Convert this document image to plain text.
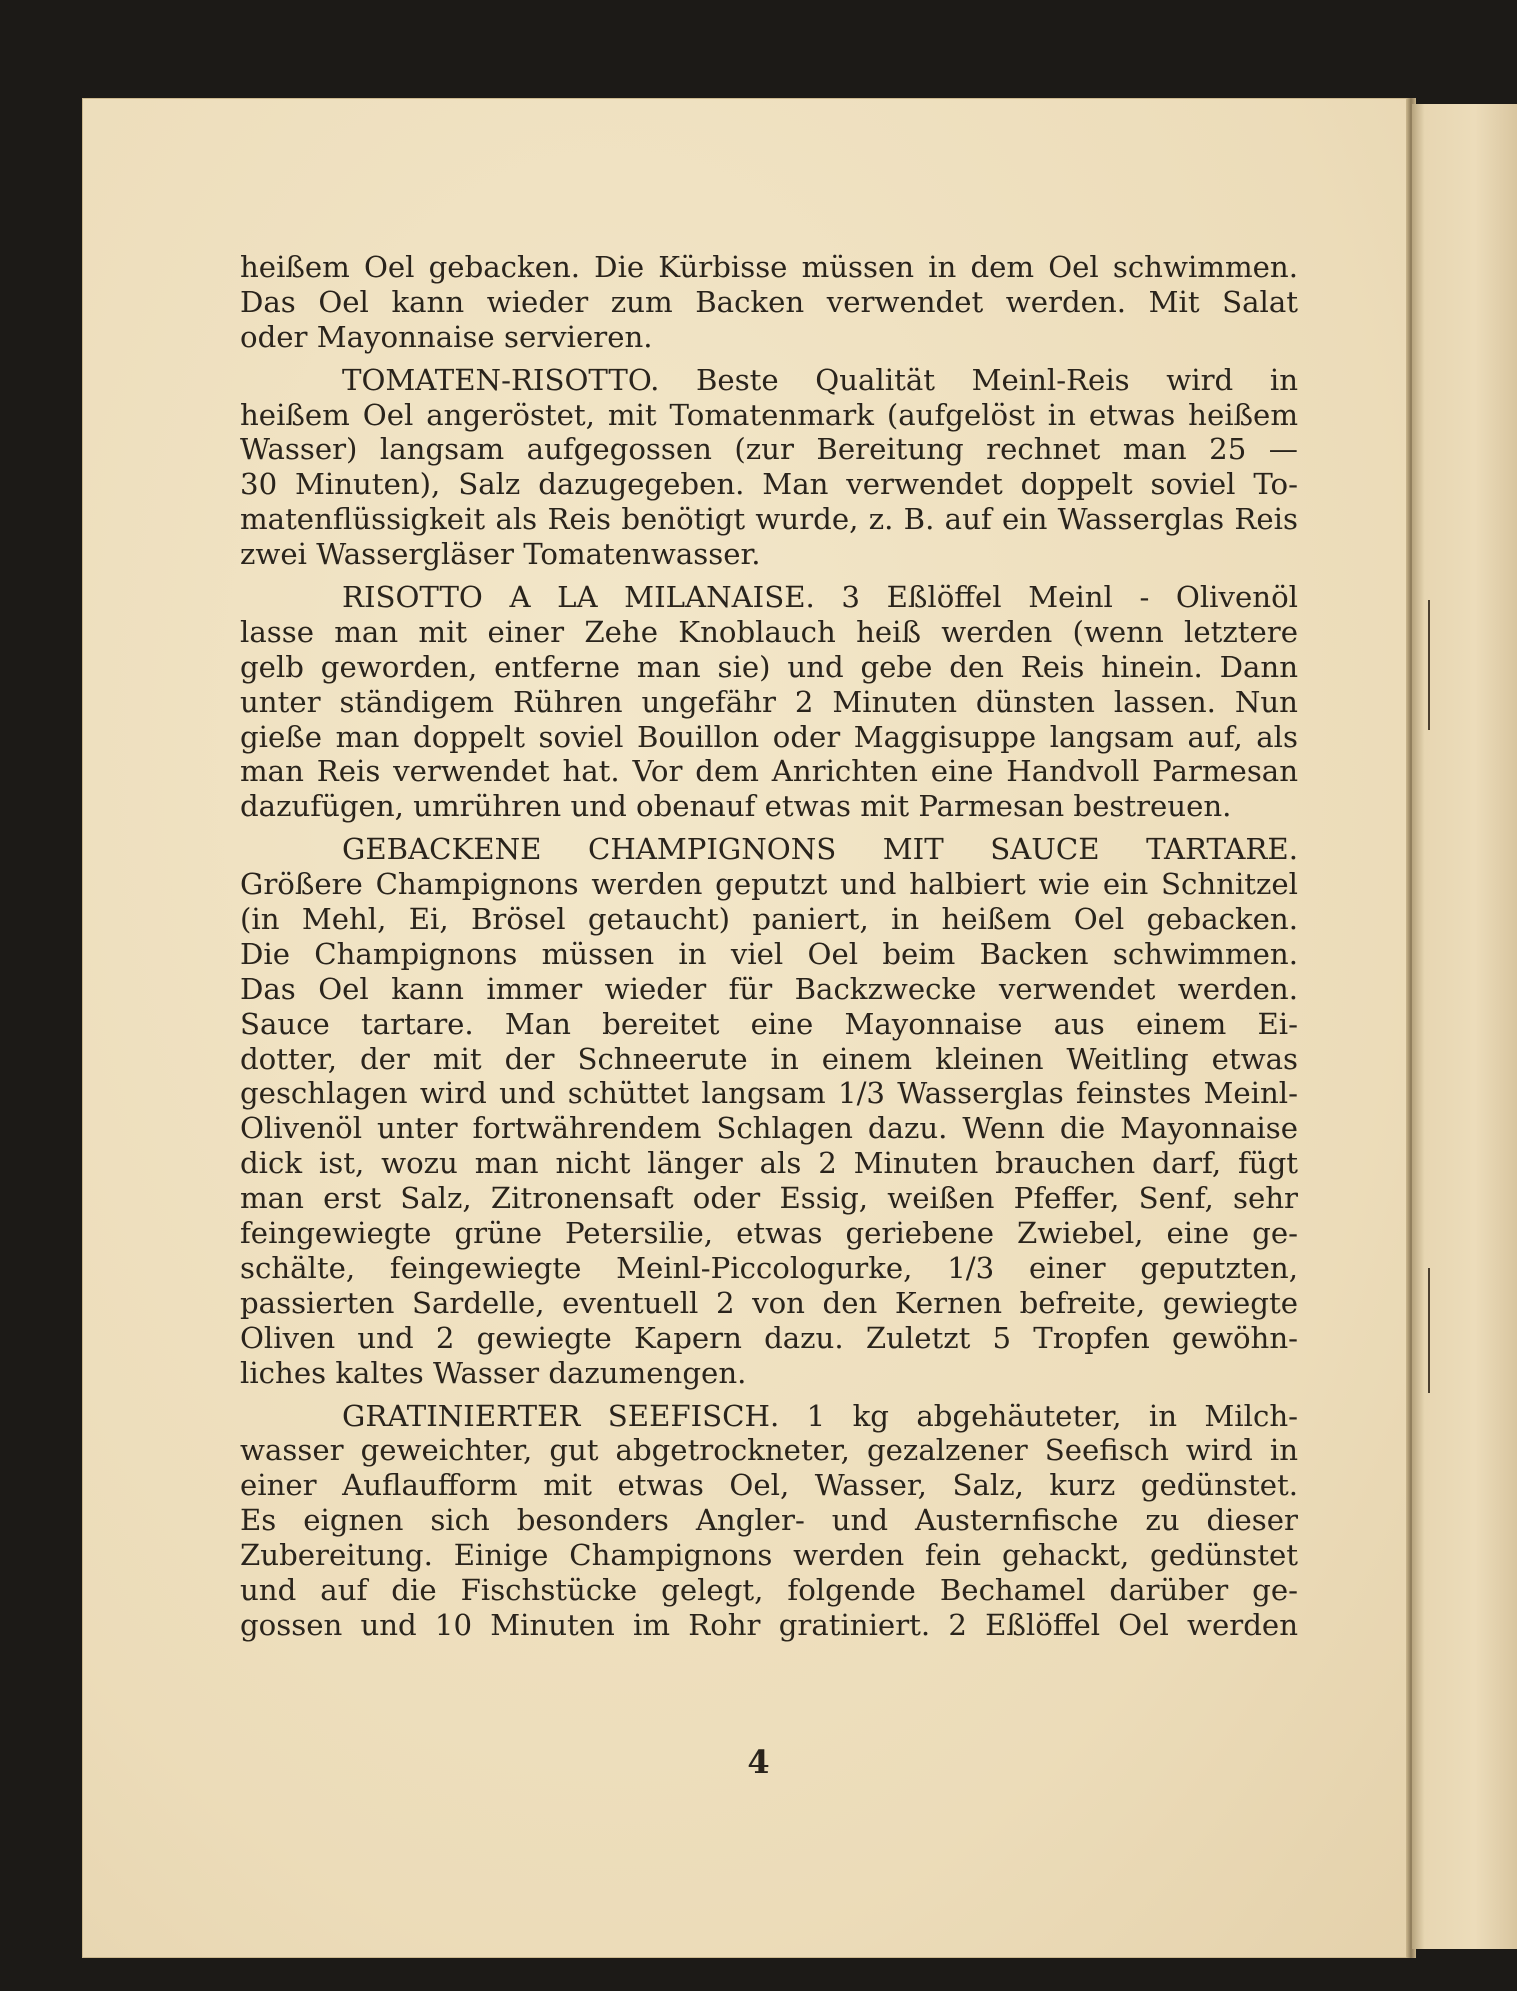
heißem Oel gebacken. Die Kürbisse müssen in dem Oel schwimmen.
Das Oel kann wieder zum Backen verwendet werden. Mit Salat
oder Mayonnaise servieren.
TOMATEN-RISOTTO. Beste Qualität Meinl-Reis wird in
heißem Oel angeröstet, mit Tomatenmark (aufgelöst in etwas heißem
Wasser) langsam aufgegossen (zur Bereitung rechnet man 25 —
30 Minuten), Salz dazugegeben. Man verwendet doppelt soviel To-
matenflüssigkeit als Reis benötigt wurde, z. B. auf ein Wasserglas Reis
zwei Wassergläser Tomatenwasser.
RISOTTO A LA MILANAISE. 3 Eßlöffel Meinl - Olivenöl
lasse man mit einer Zehe Knoblauch heiß werden (wenn letztere
gelb geworden, entferne man sie) und gebe den Reis hinein. Dann
unter ständigem Rühren ungefähr 2 Minuten dünsten lassen. Nun
gieße man doppelt soviel Bouillon oder Maggisuppe langsam auf, als
man Reis verwendet hat. Vor dem Anrichten eine Handvoll Parmesan
dazufügen, umrühren und obenauf etwas mit Parmesan bestreuen.
GEBACKENE CHAMPIGNONS MIT SAUCE TARTARE.
Größere Champignons werden geputzt und halbiert wie ein Schnitzel
(in Mehl, Ei, Brösel getaucht) paniert, in heißem Oel gebacken.
Die Champignons müssen in viel Oel beim Backen schwimmen.
Das Oel kann immer wieder für Backzwecke verwendet werden.
Sauce tartare. Man bereitet eine Mayonnaise aus einem Ei-
dotter, der mit der Schneerute in einem kleinen Weitling etwas
geschlagen wird und schüttet langsam 1/3 Wasserglas feinstes Meinl-
Olivenöl unter fortwährendem Schlagen dazu. Wenn die Mayonnaise
dick ist, wozu man nicht länger als 2 Minuten brauchen darf, fügt
man erst Salz, Zitronensaft oder Essig, weißen Pfeffer, Senf, sehr
feingewiegte grüne Petersilie, etwas geriebene Zwiebel, eine ge-
schälte, feingewiegte Meinl-Piccologurke, 1/3 einer geputzten,
passierten Sardelle, eventuell 2 von den Kernen befreite, gewiegte
Oliven und 2 gewiegte Kapern dazu. Zuletzt 5 Tropfen gewöhn-
liches kaltes Wasser dazumengen.
GRATINIERTER SEEFISCH. 1 kg abgehäuteter, in Milch-
wasser geweichter, gut abgetrockneter, gezalzener Seefisch wird in
einer Auflaufform mit etwas Oel, Wasser, Salz, kurz gedünstet.
Es eignen sich besonders Angler- und Austernfische zu dieser
Zubereitung. Einige Champignons werden fein gehackt, gedünstet
und auf die Fischstücke gelegt, folgende Bechamel darüber ge-
gossen und 10 Minuten im Rohr gratiniert. 2 Eßlöffel Oel werden
4
